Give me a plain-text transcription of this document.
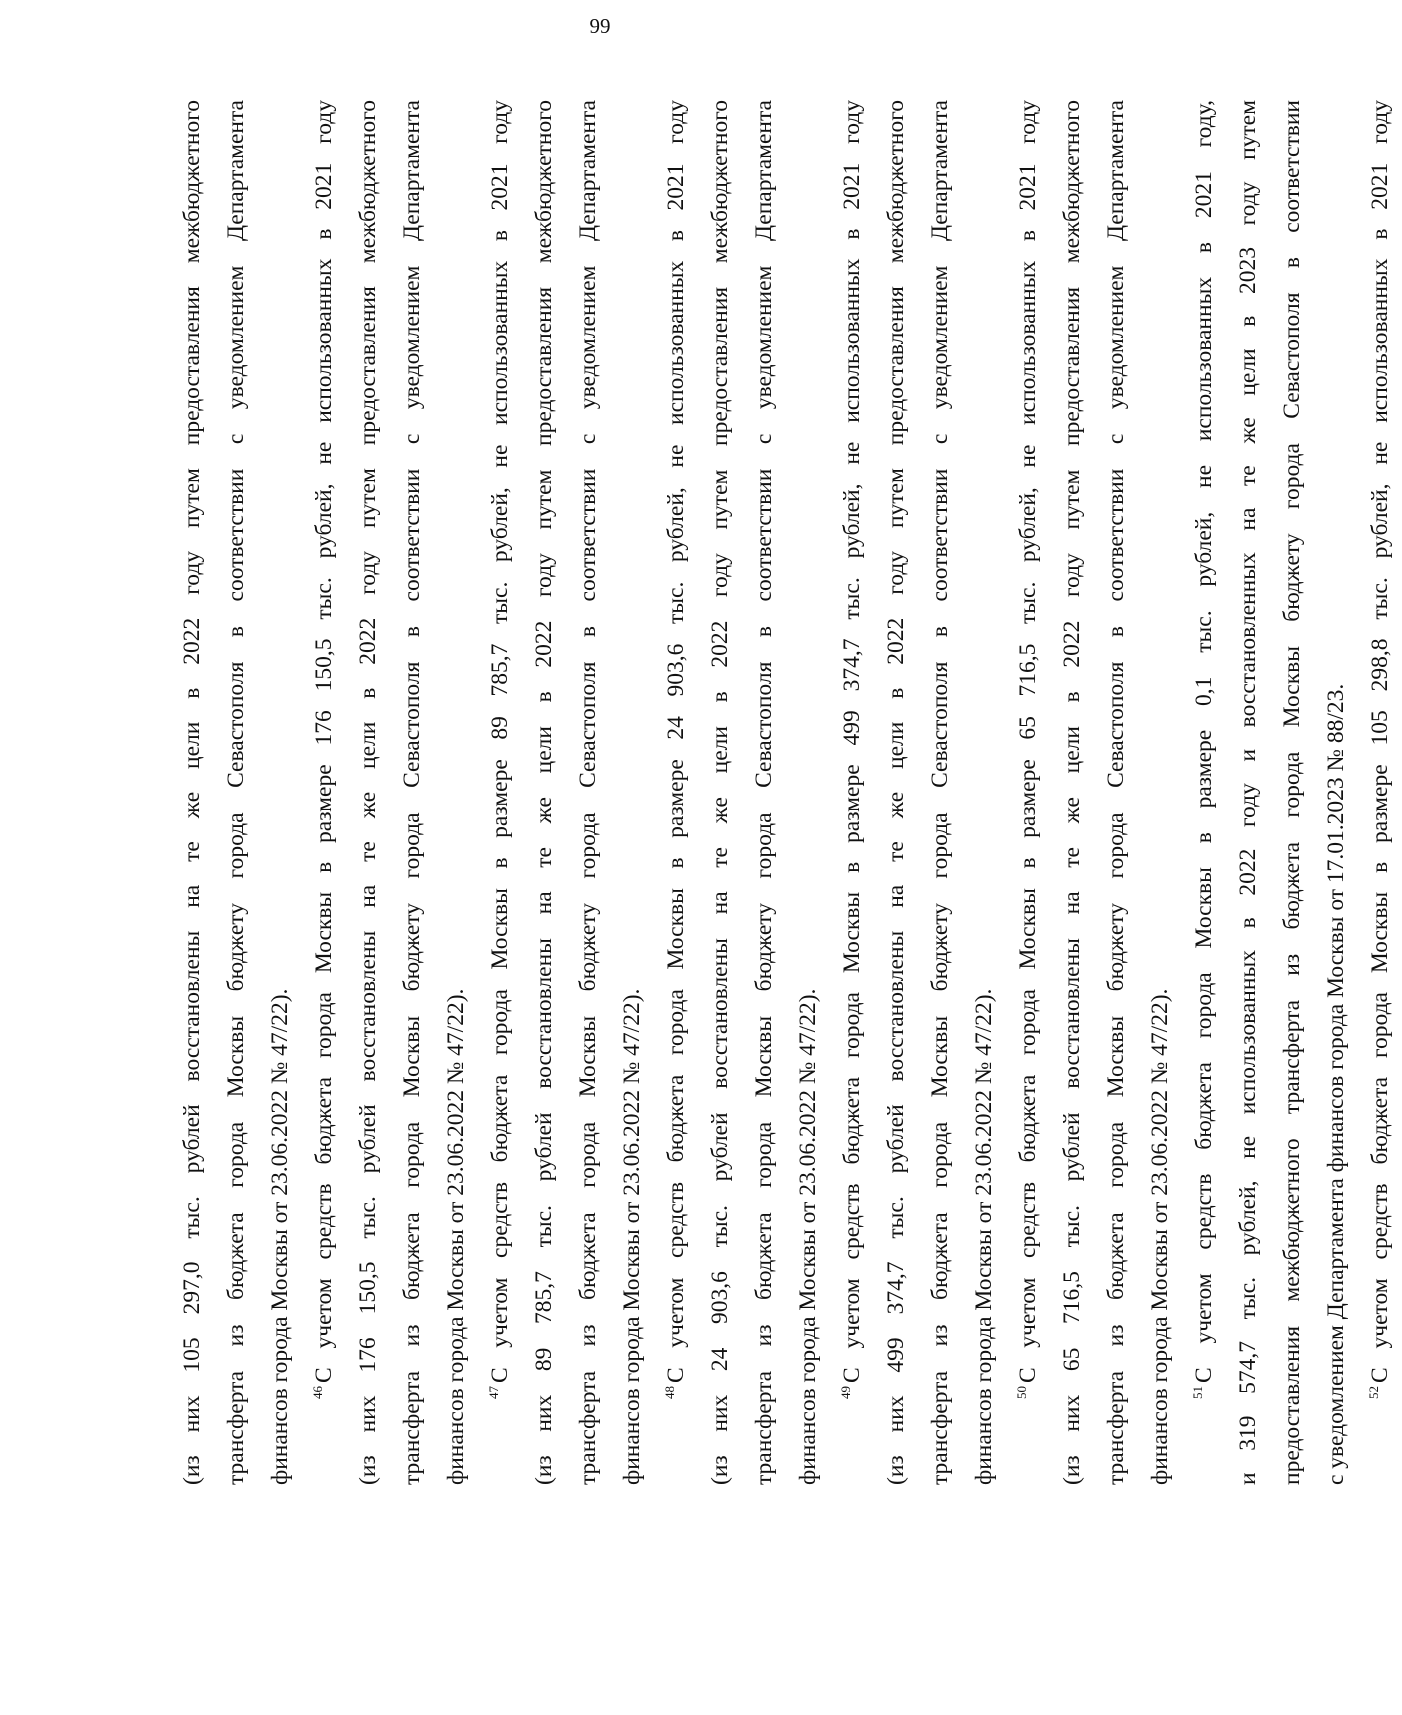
99
(из них 105 297,0 тыс. рублей восстановлены на те же цели в 2022 году путем предоставления межбюджетного трансферта из бюджета города Москвы бюджету города Севастополя в соответствии с уведомлением Департамента финансов города Москвы от 23.06.2022 № 47/22).	$^{46}$С учетом средств бюджета города Москвы в размере 176 150,5 тыс. рублей, не использованных в 2021 году (из них 176 150,5 тыс. рублей восстановлены на те же цели в 2022 году путем предоставления межбюджетного трансферта из бюджета города Москвы бюджету города Севастополя в соответствии с уведомлением Департамента финансов города Москвы от 23.06.2022 № 47/22).	$^{47}$С учетом средств бюджета города Москвы в размере 89 785,7 тыс. рублей, не использованных в 2021 году (из них 89 785,7 тыс. рублей восстановлены на те же цели в 2022 году путем предоставления межбюджетного трансферта из бюджета города Москвы бюджету города Севастополя в соответствии с уведомлением Департамента финансов города Москвы от 23.06.2022 № 47/22).	$^{48}$С учетом средств бюджета города Москвы в размере 24 903,6 тыс. рублей, не использованных в 2021 году (из них 24 903,6 тыс. рублей восстановлены на те же цели в 2022 году путем предоставления межбюджетного трансферта из бюджета города Москвы бюджету города Севастополя в соответствии с уведомлением Департамента финансов города Москвы от 23.06.2022 № 47/22).	$^{49}$С учетом средств бюджета города Москвы в размере 499 374,7 тыс. рублей, не использованных в 2021 году (из них 499 374,7 тыс. рублей восстановлены на те же цели в 2022 году путем предоставления межбюджетного трансферта из бюджета города Москвы бюджету города Севастополя в соответствии с уведомлением Департамента финансов города Москвы от 23.06.2022 № 47/22).	$^{50}$С учетом средств бюджета города Москвы в размере 65 716,5 тыс. рублей, не использованных в 2021 году (из них 65 716,5 тыс. рублей восстановлены на те же цели в 2022 году путем предоставления межбюджетного трансферта из бюджета города Москвы бюджету города Севастополя в соответствии с уведомлением Департамента финансов города Москвы от 23.06.2022 № 47/22).	$^{51}$С учетом средств бюджета города Москвы в размере 0,1 тыс. рублей, не использованных в 2021 году, и 319 574,7 тыс. рублей, не использованных в 2022 году и восстановленных на те же цели в 2023 году путем предоставления межбюджетного трансферта из бюджета города Москвы бюджету города Севастополя в соответствии с уведомлением Департамента финансов города Москвы от 17.01.2023 № 88/23.	$^{52}$С учетом средств бюджета города Москвы в размере 105 298,8 тыс. рублей, не использованных в 2021 году
